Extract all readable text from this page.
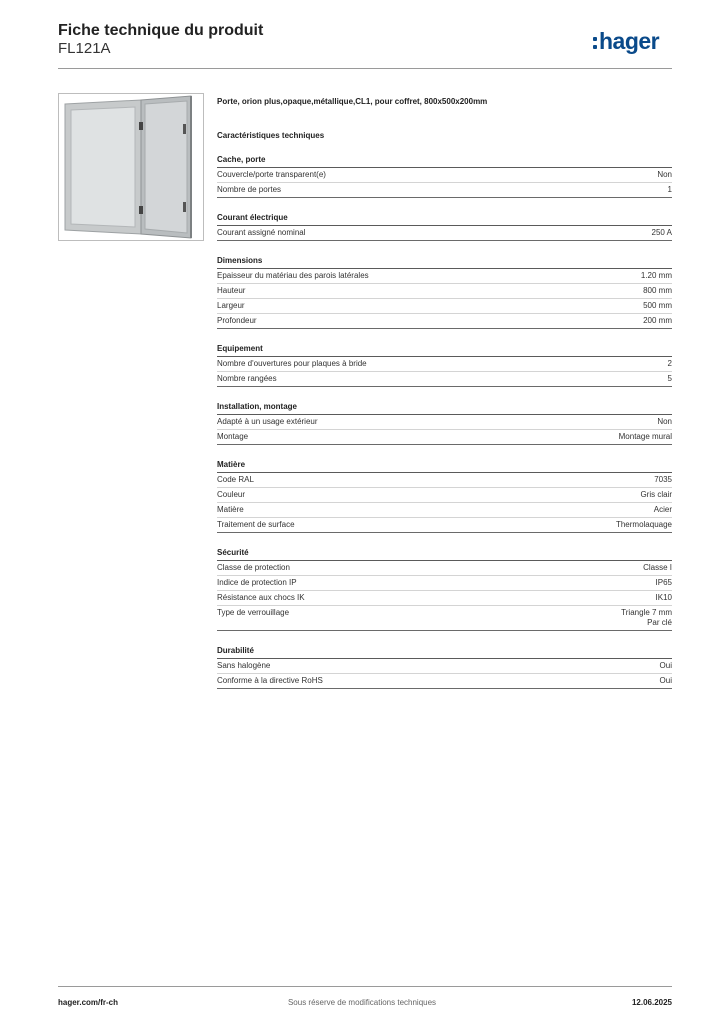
Fiche technique du produit
FL121A	hager
Porte, orion plus,opaque,métallique,CL1, pour coffret, 800x500x200mm
Caractéristiques techniques
Cache, porte
Couvercle/porte transparent(e)	Non
Nombre de portes	1
Courant électrique
Courant assigné nominal	250 A
Dimensions
Epaisseur du matériau des parois latérales	1.20 mm
Hauteur	800 mm
Largeur	500 mm
Profondeur	200 mm
Equipement
Nombre d'ouvertures pour plaques à bride	2
Nombre rangées	5
Installation, montage
Adapté à un usage extérieur	Non
Montage	Montage mural
Matière
Code RAL	7035
Couleur	Gris clair
Matière	Acier
Traitement de surface	Thermolaquage
Sécurité
Classe de protection	Classe I
Indice de protection IP	IP65
Résistance aux chocs IK	IK10
Type de verrouillage	Triangle 7 mm
Par clé
Durabilité
Sans halogène	Oui
Conforme à la directive RoHS	Oui
hager.com/fr-ch	Sous réserve de modifications techniques	12.06.2025
